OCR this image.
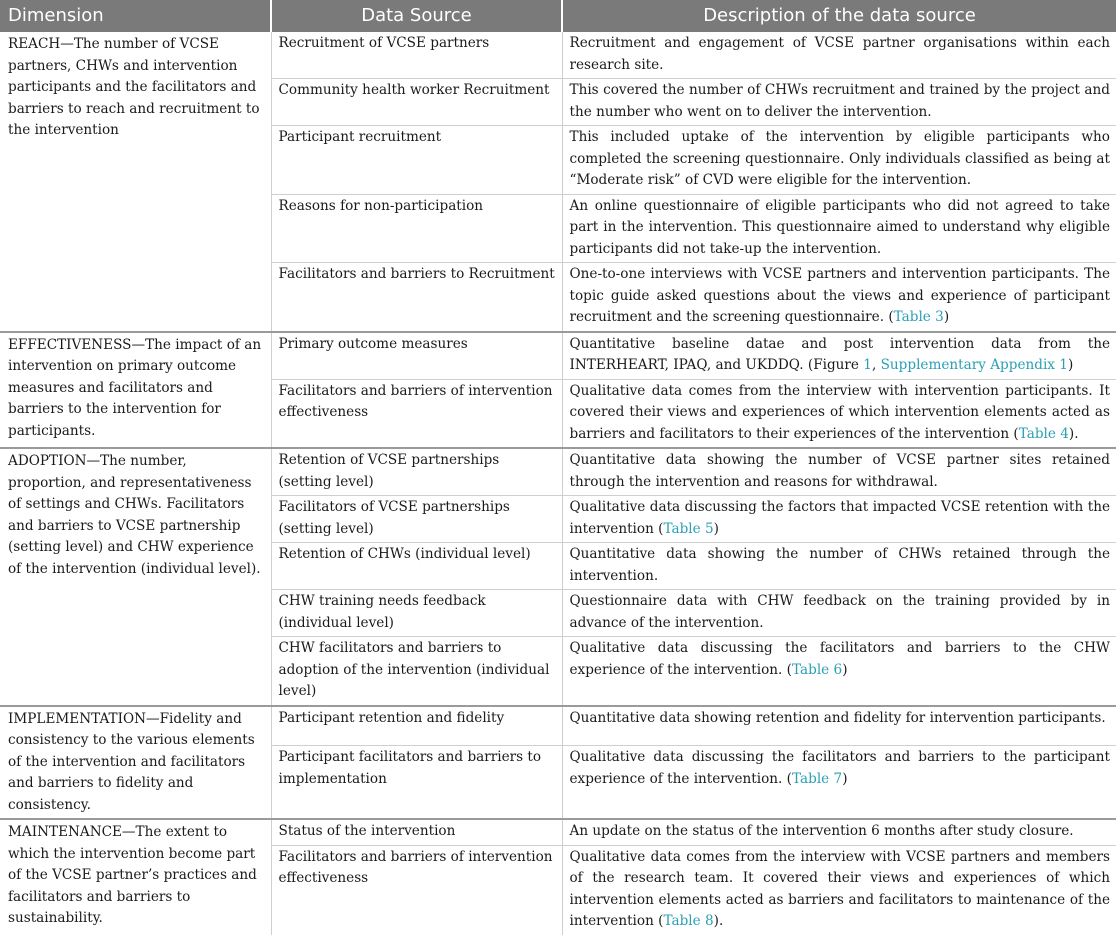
Dimension	Data Source	Description of the data source
REACH—The number of VCSE partners, CHWs and intervention participants and the facilitators and barriers to reach and recruitment to the intervention	Recruitment of VCSE partners	Recruitment and engagement of VCSE partner organisations within each research site.
	Community health worker Recruitment	This covered the number of CHWs recruitment and trained by the project and the number who went on to deliver the intervention.
	Participant recruitment	This included uptake of the intervention by eligible participants who completed the screening questionnaire. Only individuals classified as being at “Moderate risk” of CVD were eligible for the intervention.
	Reasons for non-participation	An online questionnaire of eligible participants who did not agreed to take part in the intervention. This questionnaire aimed to understand why eligible participants did not take-up the intervention.
	Facilitators and barriers to Recruitment	One-to-one interviews with VCSE partners and intervention participants. The topic guide asked questions about the views and experience of participant recruitment and the screening questionnaire. (Table 3)
EFFECTIVENESS—The impact of an intervention on primary outcome measures and facilitators and barriers to the intervention for participants.	Primary outcome measures	Quantitative baseline datae and post intervention data from the INTERHEART, IPAQ, and UKDDQ. (Figure 1, Supplementary Appendix 1)
	Facilitators and barriers of intervention effectiveness	Qualitative data comes from the interview with intervention participants. It covered their views and experiences of which intervention elements acted as barriers and facilitators to their experiences of the intervention (Table 4).
ADOPTION—The number, proportion, and representativeness of settings and CHWs. Facilitators and barriers to VCSE partnership (setting level) and CHW experience of the intervention (individual level).	Retention of VCSE partnerships (setting level)	Quantitative data showing the number of VCSE partner sites retained through the intervention and reasons for withdrawal.
	Facilitators of VCSE partnerships (setting level)	Qualitative data discussing the factors that impacted VCSE retention with the intervention (Table 5)
	Retention of CHWs (individual level)	Quantitative data showing the number of CHWs retained through the intervention.
	CHW training needs feedback (individual level)	Questionnaire data with CHW feedback on the training provided by in advance of the intervention.
	CHW facilitators and barriers to adoption of the intervention (individual level)	Qualitative data discussing the facilitators and barriers to the CHW experience of the intervention. (Table 6)
IMPLEMENTATION—Fidelity and consistency to the various elements of the intervention and facilitators and barriers to fidelity and consistency.	Participant retention and fidelity	Quantitative data showing retention and fidelity for intervention participants.
	Participant facilitators and barriers to implementation	Qualitative data discussing the facilitators and barriers to the participant experience of the intervention. (Table 7)
MAINTENANCE—The extent to which the intervention become part of the VCSE partner’s practices and facilitators and barriers to sustainability.	Status of the intervention	An update on the status of the intervention 6 months after study closure.
	Facilitators and barriers of intervention effectiveness	Qualitative data comes from the interview with VCSE partners and members of the research team. It covered their views and experiences of which intervention elements acted as barriers and facilitators to maintenance of the intervention (Table 8).
